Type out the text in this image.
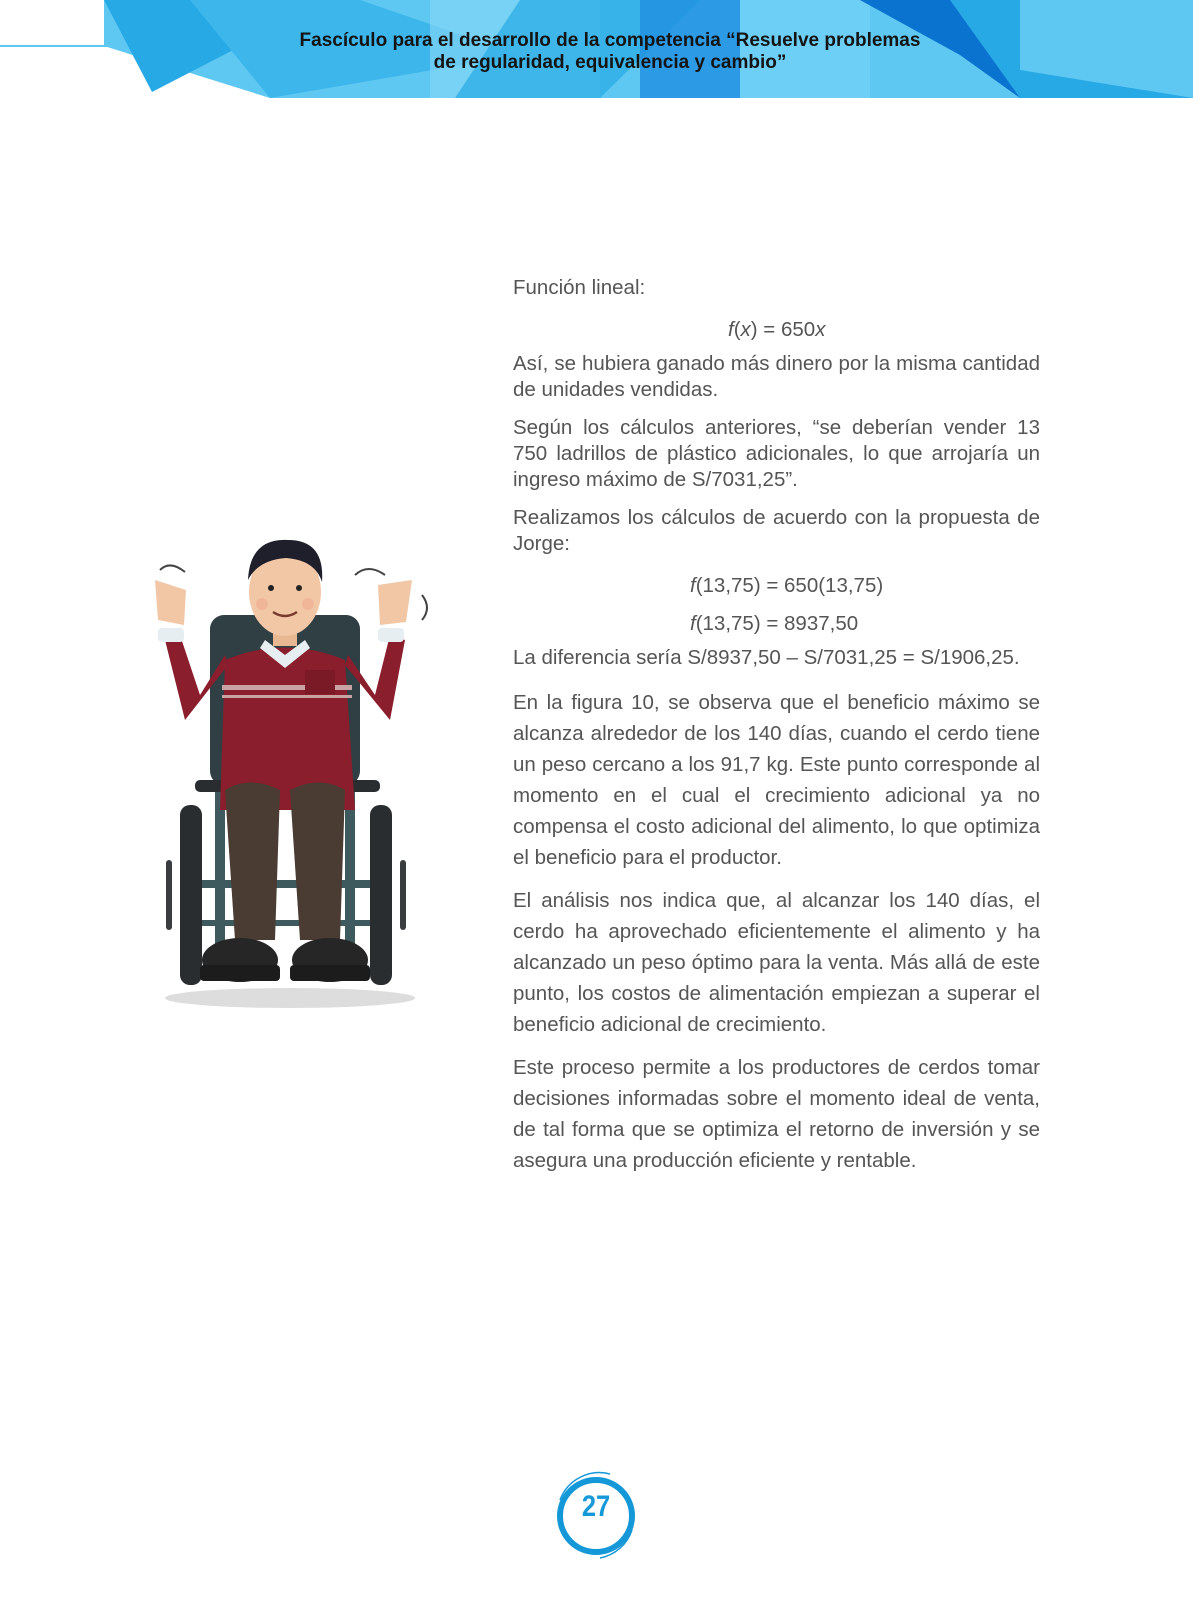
Fascículo para el desarrollo de la competencia “Resuelve problemas
de regularidad, equivalencia y cambio”

Función lineal:

f(x) = 650x

Así, se hubiera ganado más dinero por la misma cantidad de unidades vendidas.

Según los cálculos anteriores, “se deberían vender 13 750 ladrillos de plástico adicionales, lo que arrojaría un ingreso máximo de S/7031,25”.

Realizamos los cálculos de acuerdo con la propuesta de Jorge:

f(13,75) = 650(13,75)
f(13,75) = 8937,50

La diferencia sería S/8937,50 – S/7031,25 = S/1906,25.

En la figura 10, se observa que el beneficio máximo se alcanza alrededor de los 140 días, cuando el cerdo tiene un peso cercano a los 91,7 kg. Este punto corresponde al momento en el cual el crecimiento adicional ya no compensa el costo adicional del alimento, lo que optimiza el beneficio para el productor.

El análisis nos indica que, al alcanzar los 140 días, el cerdo ha aprovechado eficientemente el alimento y ha alcanzado un peso óptimo para la venta. Más allá de este punto, los costos de alimentación empiezan a superar el beneficio adicional de crecimiento.

Este proceso permite a los productores de cerdos tomar decisiones informadas sobre el momento ideal de venta, de tal forma que se optimiza el retorno de inversión y se asegura una producción eficiente y rentable.

27
